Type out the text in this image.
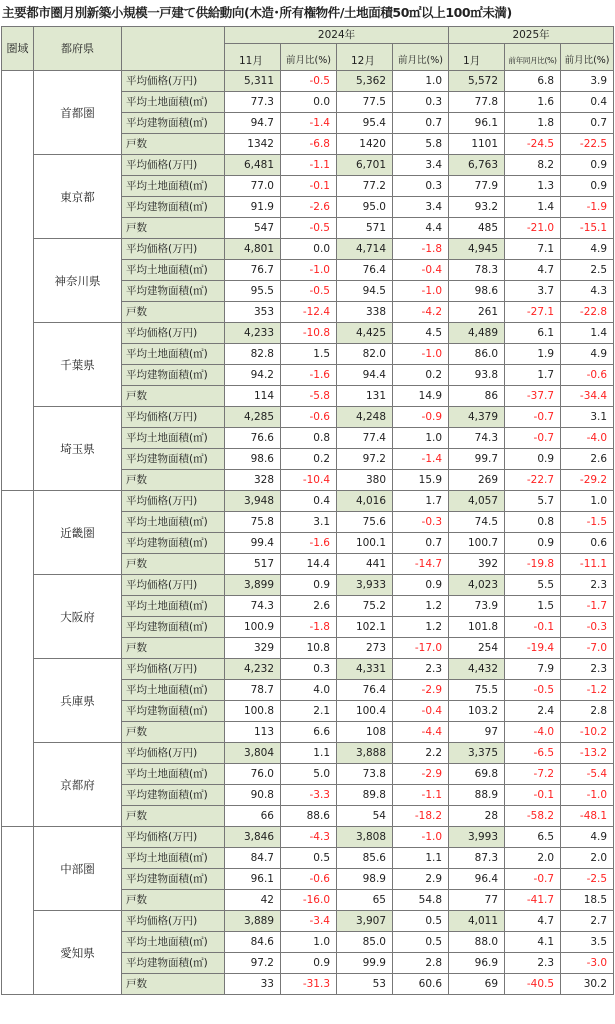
主要都市圏月別新築小規模一戸建て供給動向(木造･所有権物件/土地面積50㎡以上100㎡未満)
圏域	都府県		2024年				2025年		
			11月	前月比(%)	12月	前月比(%)	1月	前年同月比(%)	前月比(%)
	首都圏	平均価格(万円)	5,311	-0.5	5,362	1.0	5,572	6.8	3.9
		平均土地面積(㎡)	77.3	0.0	77.5	0.3	77.8	1.6	0.4
		平均建物面積(㎡)	94.7	-1.4	95.4	0.7	96.1	1.8	0.7
		戸数	1342	-6.8	1420	5.8	1101	-24.5	-22.5
	東京都	平均価格(万円)	6,481	-1.1	6,701	3.4	6,763	8.2	0.9
		平均土地面積(㎡)	77.0	-0.1	77.2	0.3	77.9	1.3	0.9
		平均建物面積(㎡)	91.9	-2.6	95.0	3.4	93.2	1.4	-1.9
		戸数	547	-0.5	571	4.4	485	-21.0	-15.1
	神奈川県	平均価格(万円)	4,801	0.0	4,714	-1.8	4,945	7.1	4.9
		平均土地面積(㎡)	76.7	-1.0	76.4	-0.4	78.3	4.7	2.5
		平均建物面積(㎡)	95.5	-0.5	94.5	-1.0	98.6	3.7	4.3
		戸数	353	-12.4	338	-4.2	261	-27.1	-22.8
	千葉県	平均価格(万円)	4,233	-10.8	4,425	4.5	4,489	6.1	1.4
		平均土地面積(㎡)	82.8	1.5	82.0	-1.0	86.0	1.9	4.9
		平均建物面積(㎡)	94.2	-1.6	94.4	0.2	93.8	1.7	-0.6
		戸数	114	-5.8	131	14.9	86	-37.7	-34.4
	埼玉県	平均価格(万円)	4,285	-0.6	4,248	-0.9	4,379	-0.7	3.1
		平均土地面積(㎡)	76.6	0.8	77.4	1.0	74.3	-0.7	-4.0
		平均建物面積(㎡)	98.6	0.2	97.2	-1.4	99.7	0.9	2.6
		戸数	328	-10.4	380	15.9	269	-22.7	-29.2
	近畿圏	平均価格(万円)	3,948	0.4	4,016	1.7	4,057	5.7	1.0
		平均土地面積(㎡)	75.8	3.1	75.6	-0.3	74.5	0.8	-1.5
		平均建物面積(㎡)	99.4	-1.6	100.1	0.7	100.7	0.9	0.6
		戸数	517	14.4	441	-14.7	392	-19.8	-11.1
	大阪府	平均価格(万円)	3,899	0.9	3,933	0.9	4,023	5.5	2.3
		平均土地面積(㎡)	74.3	2.6	75.2	1.2	73.9	1.5	-1.7
		平均建物面積(㎡)	100.9	-1.8	102.1	1.2	101.8	-0.1	-0.3
		戸数	329	10.8	273	-17.0	254	-19.4	-7.0
	兵庫県	平均価格(万円)	4,232	0.3	4,331	2.3	4,432	7.9	2.3
		平均土地面積(㎡)	78.7	4.0	76.4	-2.9	75.5	-0.5	-1.2
		平均建物面積(㎡)	100.8	2.1	100.4	-0.4	103.2	2.4	2.8
		戸数	113	6.6	108	-4.4	97	-4.0	-10.2
	京都府	平均価格(万円)	3,804	1.1	3,888	2.2	3,375	-6.5	-13.2
		平均土地面積(㎡)	76.0	5.0	73.8	-2.9	69.8	-7.2	-5.4
		平均建物面積(㎡)	90.8	-3.3	89.8	-1.1	88.9	-0.1	-1.0
		戸数	66	88.6	54	-18.2	28	-58.2	-48.1
	中部圏	平均価格(万円)	3,846	-4.3	3,808	-1.0	3,993	6.5	4.9
		平均土地面積(㎡)	84.7	0.5	85.6	1.1	87.3	2.0	2.0
		平均建物面積(㎡)	96.1	-0.6	98.9	2.9	96.4	-0.7	-2.5
		戸数	42	-16.0	65	54.8	77	-41.7	18.5
	愛知県	平均価格(万円)	3,889	-3.4	3,907	0.5	4,011	4.7	2.7
		平均土地面積(㎡)	84.6	1.0	85.0	0.5	88.0	4.1	3.5
		平均建物面積(㎡)	97.2	0.9	99.9	2.8	96.9	2.3	-3.0
		戸数	33	-31.3	53	60.6	69	-40.5	30.2
